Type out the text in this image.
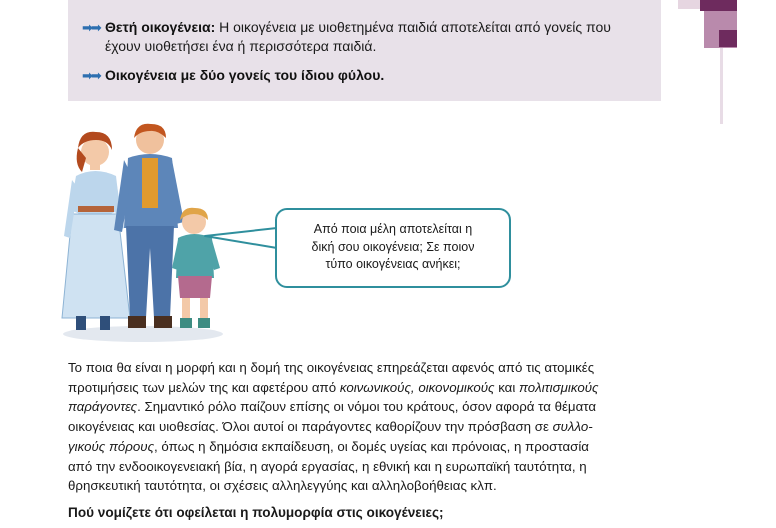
➡➡ Θετή οικογένεια: Η οικογένεια με υιοθετημένα παιδιά αποτελείται από γονείς που
έχουν υιοθετήσει ένα ή περισσότερα παιδιά.
➡➡ Οικογένεια με δύο γονείς του ίδιου φύλου.
Από ποια μέλη αποτελείται η
δική σου οικογένεια; Σε ποιον
τύπο οικογένειας ανήκει;
Το ποια θα είναι η μορφή και η δομή της οικογένειας επηρεάζεται αφενός από τις ατομικές
προτιμήσεις των μελών της και αφετέρου από κοινωνικούς, οικονομικούς και πολιτισμικούς
παράγοντες. Σημαντικό ρόλο παίζουν επίσης οι νόμοι του κράτους, όσον αφορά τα θέματα
οικογένειας και υιοθεσίας. Όλοι αυτοί οι παράγοντες καθορίζουν την πρόσβαση σε συλλο-
γικούς πόρους, όπως η δημόσια εκπαίδευση, οι δομές υγείας και πρόνοιας, η προστασία
από την ενδοοικογενειακή βία, η αγορά εργασίας, η εθνική και η ευρωπαϊκή ταυτότητα, η
θρησκευτική ταυτότητα, οι σχέσεις αλληλεγγύης και αλληλοβοήθειας κλπ.
Πού νομίζετε ότι οφείλεται η πολυμορφία στις οικογένειες;
